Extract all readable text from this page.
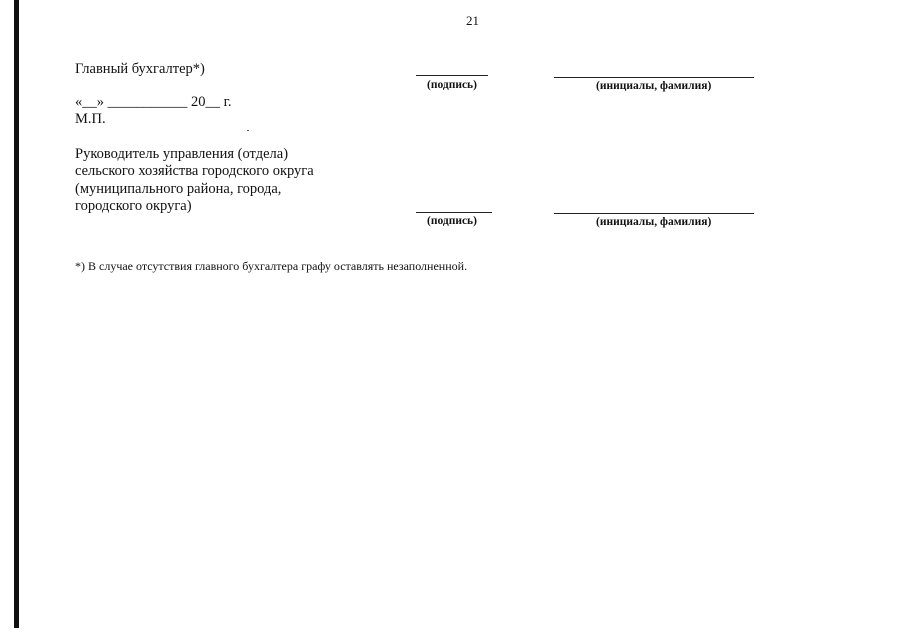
21
Главный бухгалтер*)
«__» ___________ 20__ г.
М.П.
(подпись)	(инициалы, фамилия)
Руководитель управления (отдела)
сельского хозяйства городского округа
(муниципального района, города,
городского округа)
(подпись)	(инициалы, фамилия)
*) В случае отсутствия главного бухгалтера графу оставлять незаполненной.
